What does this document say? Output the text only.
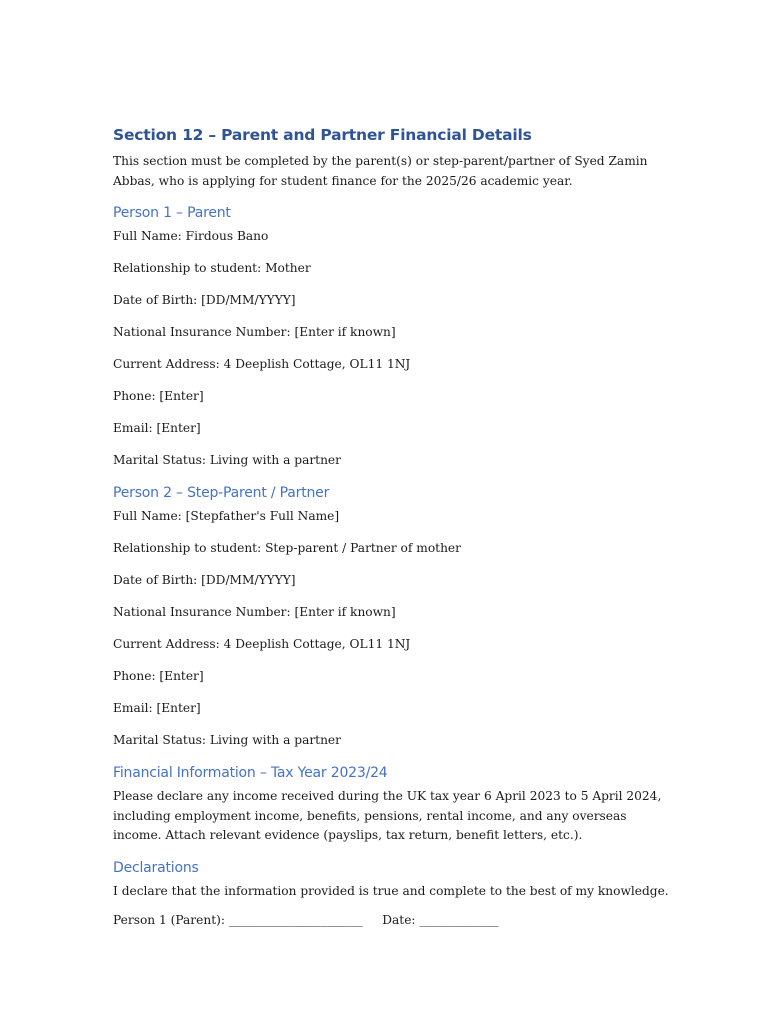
Section 12 – Parent and Partner Financial Details

This section must be completed by the parent(s) or step-parent/partner of Syed Zamin Abbas, who is applying for student finance for the 2025/26 academic year.

Person 1 – Parent

Full Name: Firdous Bano

Relationship to student: Mother

Date of Birth: [DD/MM/YYYY]

National Insurance Number: [Enter if known]

Current Address: 4 Deeplish Cottage, OL11 1NJ

Phone: [Enter]

Email: [Enter]

Marital Status: Living with a partner

Person 2 – Step-Parent / Partner

Full Name: [Stepfather's Full Name]

Relationship to student: Step-parent / Partner of mother

Date of Birth: [DD/MM/YYYY]

National Insurance Number: [Enter if known]

Current Address: 4 Deeplish Cottage, OL11 1NJ

Phone: [Enter]

Email: [Enter]

Marital Status: Living with a partner

Financial Information – Tax Year 2023/24

Please declare any income received during the UK tax year 6 April 2023 to 5 April 2024, including employment income, benefits, pensions, rental income, and any overseas income. Attach relevant evidence (payslips, tax return, benefit letters, etc.).

Declarations

I declare that the information provided is true and complete to the best of my knowledge.

Person 1 (Parent): ______________________     Date: _____________
